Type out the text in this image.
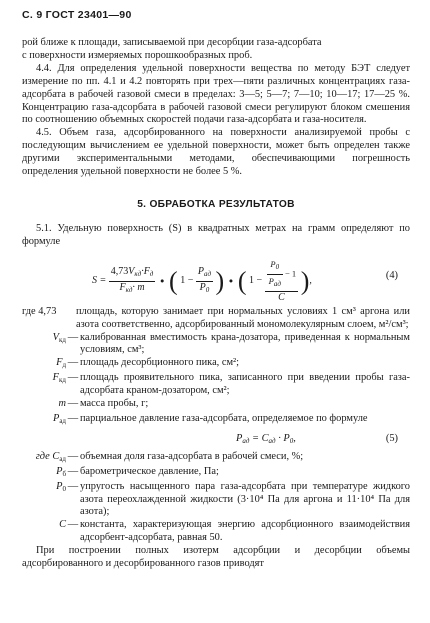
С. 9 ГОСТ 23401—90

рой ближе к площади, записываемой при десорбции газа-адсорбата

с поверхности измеряемых порошкообразных проб.

4.4. Для определения удельной поверхности вещества по методу БЭТ следует измерение по пп. 4.1 и 4.2 повторять при трех—пяти различных концентрациях газа-адсорбата в рабочей газовой смеси в пределах: 3—5; 5—7; 7—10; 10—17; 17—25 %. Концентрацию газа-адсорбата в рабочей газовой смеси регулируют блоком смешения по соотношению объемных скоростей подачи газа-адсорбата и газа-носителя.

4.5. Объем газа, адсорбированного на поверхности анализируемой пробы с последующим вычислением ее удельной поверхности, может быть определен также другими экспериментальными методами, обеспечивающими погрешность определения удельной поверхности не более 5 %.

5. ОБРАБОТКА РЕЗУЛЬТАТОВ

5.1. Удельную поверхность (S) в квадратных метрах на грамм определяют по формуле

$S = \frac{4,73V_{кд}\cdot F_д}{F_{кд}\cdot m}$ · ( $1 - \frac{P_{ад}}{P_0}$ ) · ( $1 - \frac{\frac{P_0}{P_{ад}} - 1}{C}$ ),	(4)
где 4,73	площадь, которую занимает при нормальных условиях 1 см³ аргона или азота соответственно, адсорбированный мономолекулярным слоем, м²/см³;
$V_{кд}$ — калиброванная вместимость крана-дозатора, приведенная к нормальным условиям, см³;
$F_д$ — площадь десорбционного пика, см²;
$F_{кд}$ — площадь проявительного пика, записанного при введении пробы газа-адсорбата краном-дозатором, см²;
m — масса пробы, г;
$P_{ад}$ — парциальное давление газа-адсорбата, определяемое по формуле
$P_{ад} = C_{ад} \cdot P_0$,	(5)
где $C_{ад}$ — объемная доля газа-адсорбата в рабочей смеси, %;
$P_б$ — барометрическое давление, Па;
$P_0$ — упругость насыщенного пара газа-адсорбата при температуре жидкого азота переохлажденной жидкости (3·10⁴ Па для аргона и 11·10⁴ Па для азота);
C — константа, характеризующая энергию адсорбционного взаимодействия адсорбент-адсорбата, равная 50.

При построении полных изотерм адсорбции и десорбции объемы адсорбированного и десорбированного газов приводят
